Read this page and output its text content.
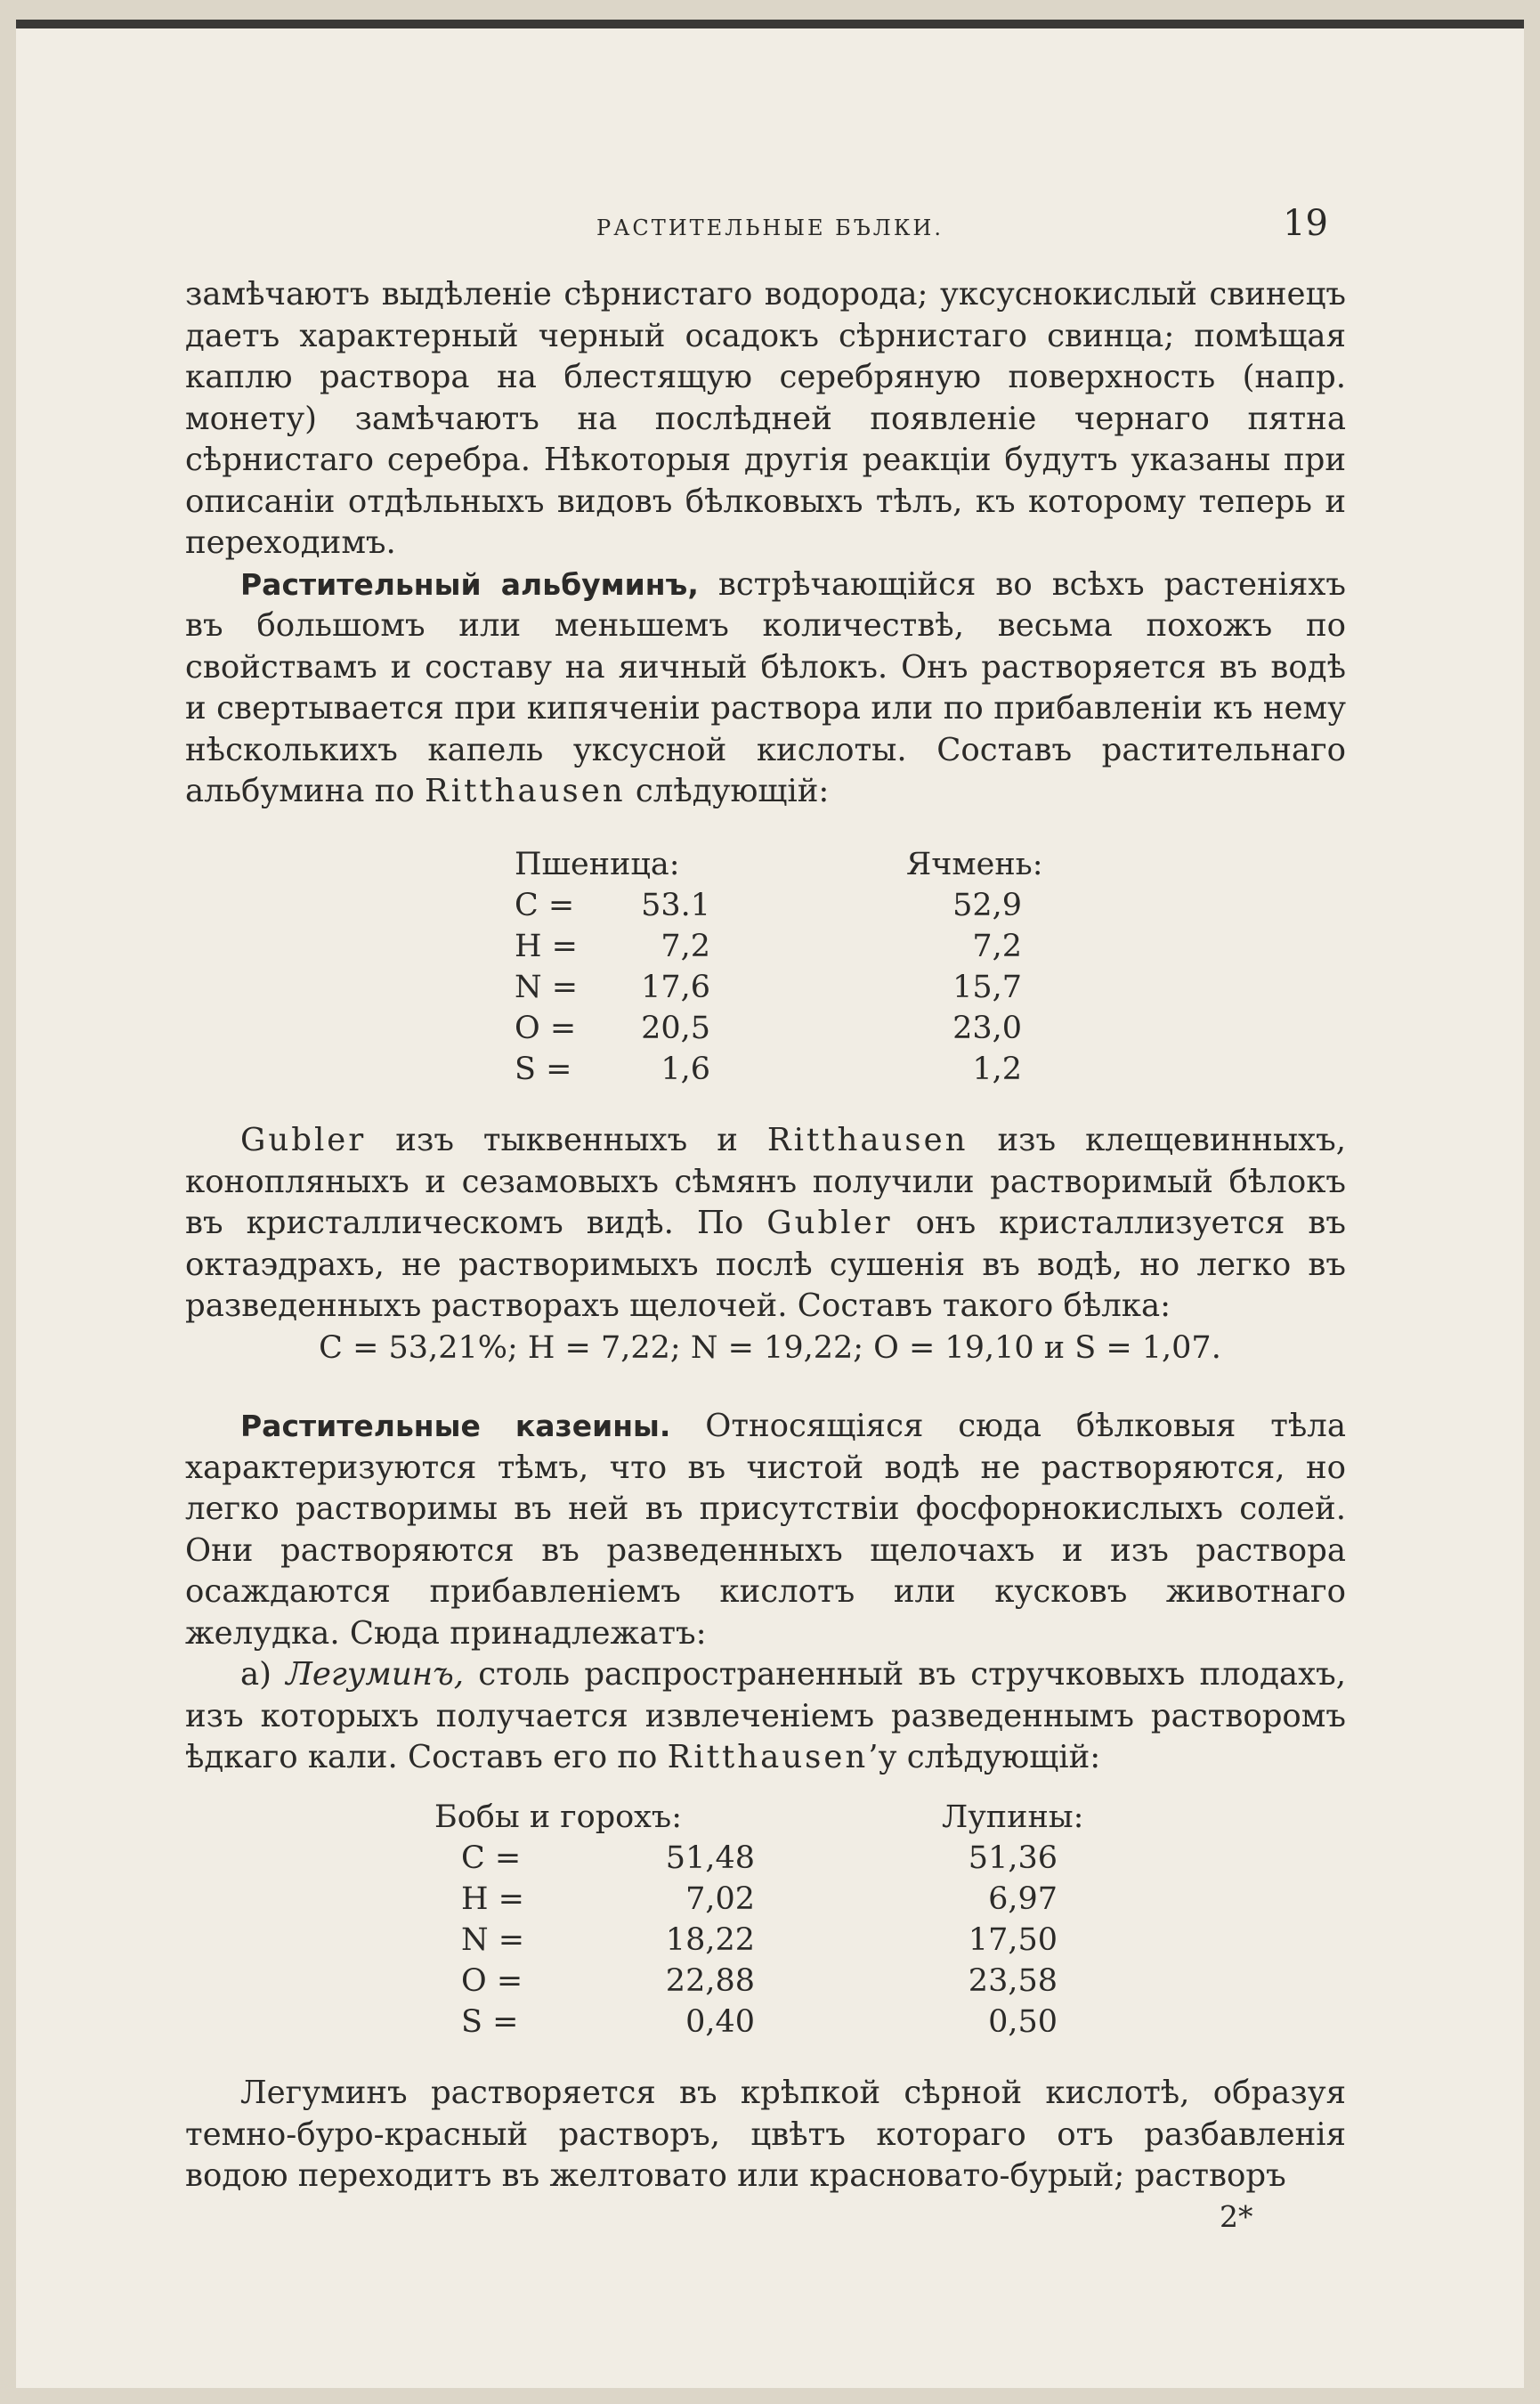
РАСТИТЕЛЬНЫЕ БЪЛКИ.	19

замѣчаютъ выдѣленіе сѣрнистаго водорода; уксуснокислый свинецъ даетъ характерный черный осадокъ сѣрнистаго свинца; помѣщая каплю раствора на блестящую серебряную поверхность (напр. монету) замѣчаютъ на послѣдней появленіе чернаго пятна сѣрнистаго серебра. Нѣкоторыя другія реакціи будутъ указаны при описаніи отдѣльныхъ видовъ бѣлковыхъ тѣлъ, къ которому теперь и переходимъ.

Растительный альбуминъ, встрѣчающійся во всѣхъ растеніяхъ въ большомъ или меньшемъ количествѣ, весьма похожъ по свойствамъ и составу на яичный бѣлокъ. Онъ растворяется въ водѣ и свертывается при кипяченіи раствора или по прибавленіи къ нему нѣсколькихъ капель уксусной кислоты. Составъ растительнаго альбумина по Ritthausen слѣдующій:

Пшеница:	Ячмень:
C = 53.1	52,9
H =	7,2	7,2
N = 17,6	15,7
O = 20,5	23,0
S =	1,6	1,2

Gubler изъ тыквенныхъ и Ritthausen изъ клещевинныхъ, конопляныхъ и сезамовыхъ сѣмянъ получили растворимый бѣлокъ въ кристаллическомъ видѣ. По Gubler онъ кристаллизуется въ октаэдрахъ, не растворимыхъ послѣ сушенія въ водѣ, но легко въ разведенныхъ растворахъ щелочей. Составъ такого бѣлка:

C = 53,21%; H = 7,22; N = 19,22; O = 19,10 и S = 1,07.

Растительные казеины. Относящіяся сюда бѣлковыя тѣла характеризуются тѣмъ, что въ чистой водѣ не растворяются, но легко растворимы въ ней въ присутствіи фосфорнокислыхъ солей. Они растворяются въ разведенныхъ щелочахъ и изъ раствора осаждаются прибавленіемъ кислотъ или кусковъ животнаго желудка. Сюда принадлежатъ:

a) Легуминъ, столь распространенный въ стручковыхъ плодахъ, изъ которыхъ получается извлеченіемъ разведеннымъ растворомъ ѣдкаго кали. Составъ его по Ritthausen’у слѣдующій:

Бобы и горохъ:	Лупины:
C =	51,48	51,36
H =	7,02	6,97
N =	18,22	17,50
O =	22,88	23,58
S =	0,40	0,50

Легуминъ растворяется въ крѣпкой сѣрной кислотѣ, образуя темно-буро-красный растворъ, цвѣтъ котораго отъ разбавленія водою переходитъ въ желтовато или красновато-бурый; растворъ

2*
